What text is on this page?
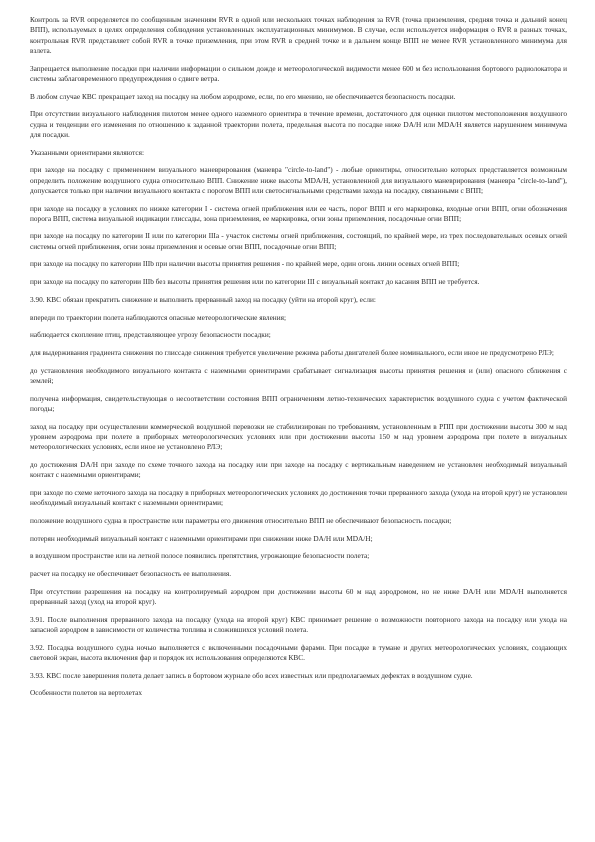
Контроль за RVR определяется по сообщенным значениям RVR в одной или нескольких точках наблюдения за RVR (точка приземления, средняя точка и дальний конец ВПП), используемых в целях определения соблюдения установленных эксплуатационных минимумов. В случае, если используется информация о RVR в разных точках, контрольная RVR представляет собой RVR в точке приземления, при этом RVR в средней точке и в дальнем конце ВПП не менее RVR установленного минимума для взлета.

Запрещается выполнение посадки при наличии информации о сильном дожде и метеорологической видимости менее 600 м без использования бортового радиолокатора и системы заблаговременного предупреждения о сдвиге ветра.

В любом случае КВС прекращает заход на посадку на любом аэродроме, если, по его мнению, не обеспечивается безопасность посадки.

При отсутствии визуального наблюдения пилотом менее одного наземного ориентира в течение времени, достаточного для оценки пилотом местоположения воздушного судна и тенденции его изменения по отношению к заданной траектории полета, предельная высота по посадке ниже DA/H или MDA/H является нарушением минимума для посадки.

Указанными ориентирами являются:

при заходе на посадку с применением визуального маневрирования (маневра "circle-to-land") - любые ориентиры, относительно которых представляется возможным определить положение воздушного судна относительно ВПП. Снижение ниже высоты MDA/H, установленной для визуального маневрирования (маневра "circle-to-land"), допускается только при наличии визуального контакта с порогом ВПП или светосигнальными средствами захода на посадку, связанными с ВПП;

при заходе на посадку в условиях по нижке категории I - система огней приближения или ее часть, порог ВПП и его маркировка, входные огни ВПП, огни обозначения порога ВПП, система визуальной индикации глиссады, зона приземления, ее маркировка, огни зоны приземления, посадочные огни ВПП;

при заходе на посадку по категории II или по категории IIIa - участок системы огней приближения, состоящий, по крайней мере, из трех последовательных осевых огней системы огней приближения, огни зоны приземления и осевые огни ВПП, посадочные огни ВПП;

при заходе на посадку по категории IIIb при наличии высоты принятия решения - по крайней мере, один огонь линии осевых огней ВПП;

при заходе на посадку по категории IIIb без высоты принятия решения или по категории III с визуальный контакт до касания ВПП не требуется.

3.90. КВС обязан прекратить снижение и выполнить прерванный заход на посадку (уйти на второй круг), если:

впереди по траектории полета наблюдаются опасные метеорологические явления;

наблюдается скопление птиц, представляющее угрозу безопасности посадки;

для выдерживания градиента снижения по глиссаде снижения требуется увеличение режима работы двигателей более номинального, если иное не предусмотрено РЛЭ;

до установления необходимого визуального контакта с наземными ориентирами срабатывает сигнализация высоты принятия решения и (или) опасного сближения с землей;

получена информация, свидетельствующая о несоответствии состояния ВПП ограничениям летно-технических характеристик воздушного судна с учетом фактической погоды;

заход на посадку при осуществлении коммерческой воздушной перевозки не стабилизирован по требованиям, установленным в РПП при достижении высоты 300 м над уровнем аэродрома при полете в приборных метеорологических условиях или при достижении высоты 150 м над уровнем аэродрома при полете в визуальных метеорологических условиях, если иное не установлено РЛЭ;

до достижения DA/H при заходе по схеме точного захода на посадку или при заходе на посадку с вертикальным наведением не установлен необходимый визуальный контакт с наземными ориентирами;

при заходе по схеме неточного захода на посадку в приборных метеорологических условиях до достижения точки прерванного захода (ухода на второй круг) не установлен необходимый визуальный контакт с наземными ориентирами;

положение воздушного судна в пространстве или параметры его движения относительно ВПП не обеспечивают безопасность посадки;

потерян необходимый визуальный контакт с наземными ориентирами при снижении ниже DA/H или MDA/H;

в воздушном пространстве или на летной полосе появились препятствия, угрожающие безопасности полета;

расчет на посадку не обеспечивает безопасность ее выполнения.

При отсутствии разрешения на посадку на контролируемый аэродром при достижении высоты 60 м над аэродромом, но не ниже DA/H или MDA/H выполняется прерванный заход (уход на второй круг).

3.91. После выполнения прерванного захода на посадку (ухода на второй круг) КВС принимает решение о возможности повторного захода на посадку или ухода на запасной аэродром в зависимости от количества топлива и сложившихся условий полета.

3.92. Посадка воздушного судна ночью выполняется с включенными посадочными фарами. При посадке в тумане и других метеорологических условиях, создающих световой экран, высота включения фар и порядок их использования определяются КВС.

3.93. КВС после завершения полета делает запись в бортовом журнале обо всех известных или предполагаемых дефектах в воздушном судне.

Особенности полетов на вертолетах
